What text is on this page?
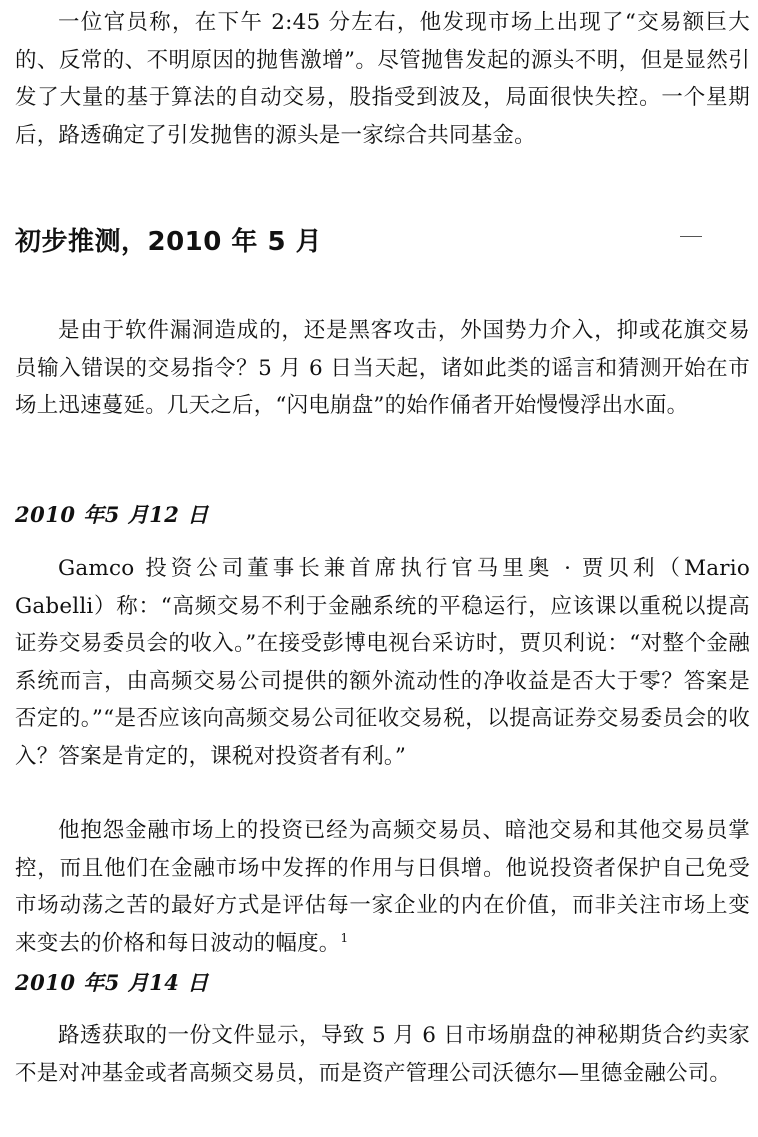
一位官员称，在下午 2:45 分左右，他发现市场上出现了“交易额巨大的、反常的、不明原因的抛售激增”。尽管抛售发起的源头不明，但是显然引发了大量的基于算法的自动交易，股指受到波及，局面很快失控。一个星期后，路透确定了引发抛售的源头是一家综合共同基金。

初步推测，2010 年 5 月

是由于软件漏洞造成的，还是黑客攻击，外国势力介入，抑或花旗交易员输入错误的交易指令？5 月 6 日当天起，诸如此类的谣言和猜测开始在市场上迅速蔓延。几天之后，“闪电崩盘”的始作俑者开始慢慢浮出水面。

2010 年5 月12 日

Gamco 投资公司董事长兼首席执行官马里奥 · 贾贝利（Mario Gabelli）称：“高频交易不利于金融系统的平稳运行，应该课以重税以提高证券交易委员会的收入。”在接受彭博电视台采访时，贾贝利说：“对整个金融系统而言，由高频交易公司提供的额外流动性的净收益是否大于零？答案是否定的。”“是否应该向高频交易公司征收交易税，以提高证券交易委员会的收入？答案是肯定的，课税对投资者有利。”

他抱怨金融市场上的投资已经为高频交易员、暗池交易和其他交易员掌控，而且他们在金融市场中发挥的作用与日俱增。他说投资者保护自己免受市场动荡之苦的最好方式是评估每一家企业的内在价值，而非关注市场上变来变去的价格和每日波动的幅度。$^1$

2010 年5 月14 日

路透获取的一份文件显示，导致 5 月 6 日市场崩盘的神秘期货合约卖家不是对冲基金或者高频交易员，而是资产管理公司沃德尔—里德金融公司。
